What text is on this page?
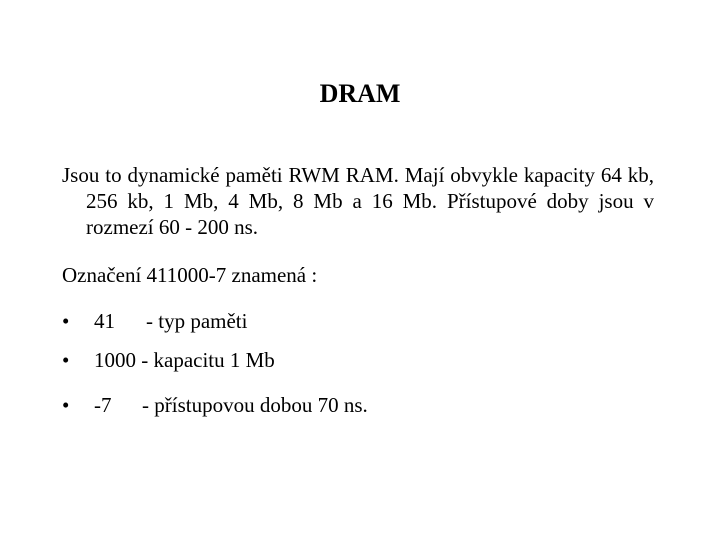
DRAM
Jsou to dynamické paměti RWM RAM. Mají obvykle kapacity 64 kb, 256 kb, 1 Mb, 4 Mb, 8 Mb a 16 Mb. Přístupové doby jsou v rozmezí 60 - 200 ns.
Označení 411000-7 znamená :
• 41 - typ paměti
• 1000 - kapacitu 1 Mb
• -7 - přístupovou dobou 70 ns.
